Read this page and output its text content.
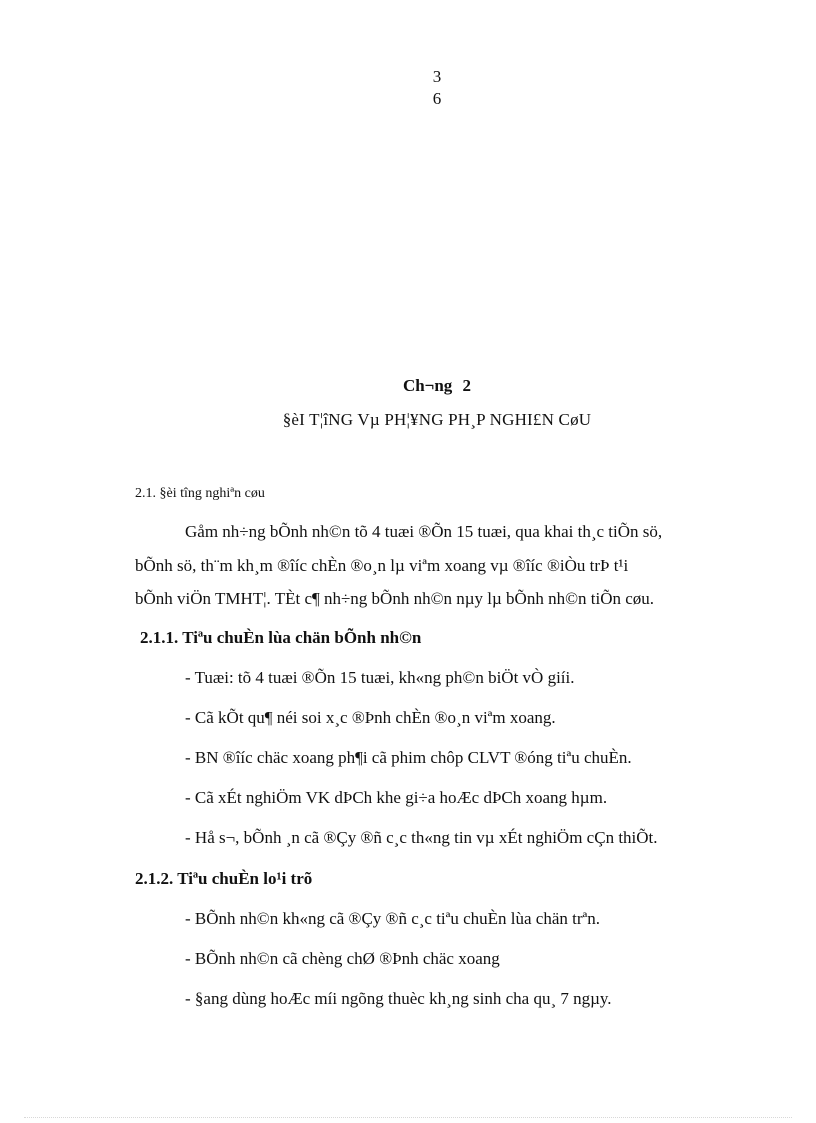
3
6
Ch¬ng 2
§èI T¦îNG Vµ PH¦¥NG PH¸P NGHI£N CøU
2.1. §èi tîng nghiªn cøu
Gåm nh÷ng bÕnh nh©n tõ 4 tuæi ®Õn 15 tuæi, qua khai th¸c tiÕn sö,
bÕnh sö, th¨m kh¸m ®îíc chÈn ®o¸n lµ viªm xoang vµ ®îíc ®iÒu trÞ t¹i
bÕnh viÖn TMHT¦. TÈt c¶ nh÷ng bÕnh nh©n nµy lµ bÕnh nh©n tiÕn cøu.
2.1.1. Tiªu chuÈn lùa chän bÕnh nh©n
- Tuæi: tõ 4 tuæi ®Õn 15 tuæi, kh«ng ph©n biÖt vÒ giíi.
- Cã kÕt qu¶ néi soi x¸c ®Þnh chÈn ®o¸n viªm xoang.
- BN ®îíc chäc xoang ph¶i cã phim chôp CLVT ®óng tiªu chuÈn.
- Cã xÉt nghiÖm VK dÞCh khe gi÷a hoÆc dÞCh xoang hµm.
- Hå s¬, bÕnh ¸n cã ®Çy ®ñ c¸c th«ng tin vµ xÉt nghiÖm cÇn thiÕt.
2.1.2. Tiªu chuÈn lo¹i trõ
- BÕnh nh©n kh«ng cã ®Çy ®ñ c¸c tiªu chuÈn lùa chän trªn.
- BÕnh nh©n cã chèng chØ ®Þnh chäc xoang
- §ang dùng hoÆc míi ngõng thuèc kh¸ng sinh cha qu¸ 7 ngµy.
